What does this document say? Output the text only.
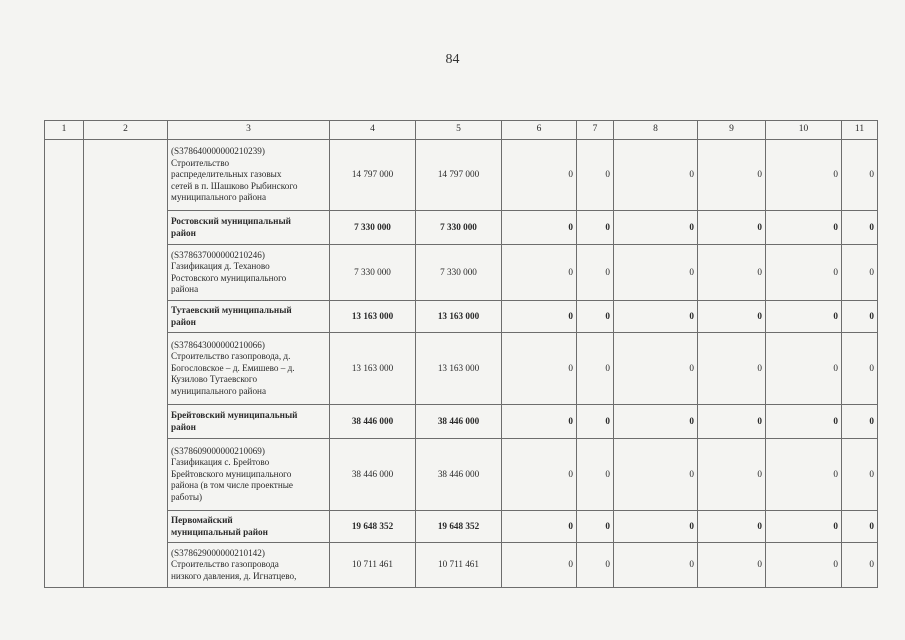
84
1	2	3	4	5	6	7	8	9	10	11

		(S378640000000210239)
Строительство
распределительных газовых
сетей в п. Шашково Рыбинского
муниципального района	14 797 000	14 797 000	0	0	0	0	0	0

		Ростовский муниципальный
район	7 330 000	7 330 000	0	0	0	0	0	0

		(S378637000000210246)
Газификация д. Теханово
Ростовского муниципального
района	7 330 000	7 330 000	0	0	0	0	0	0

		Тутаевский муниципальный
район	13 163 000	13 163 000	0	0	0	0	0	0

		(S378643000000210066)
Строительство газопровода, д.
Богословское – д. Емишево – д.
Кузилово Тутаевского
муниципального района	13 163 000	13 163 000	0	0	0	0	0	0

		Брейтовский муниципальный
район	38 446 000	38 446 000	0	0	0	0	0	0

		(S378609000000210069)
Газификация с. Брейтово
Брейтовского муниципального
района (в том числе проектные
работы)	38 446 000	38 446 000	0	0	0	0	0	0

		Первомайский
муниципальный район	19 648 352	19 648 352	0	0	0	0	0	0

		(S378629000000210142)
Строительство газопровода
низкого давления, д. Игнатцево,	10 711 461	10 711 461	0	0	0	0	0	0
